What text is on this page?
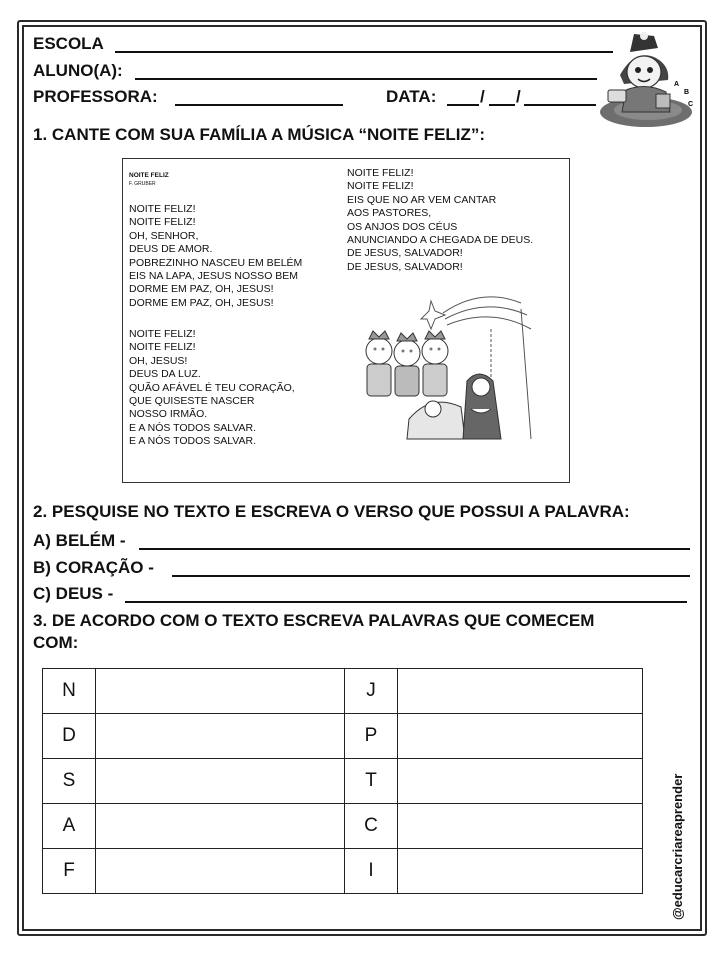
ESCOLA
ALUNO(A):
PROFESSORA:	DATA:	/ /
A
B
C
1. CANTE COM SUA FAMÍLIA A MÚSICA “NOITE FELIZ”:
NOITE FELIZ
F. GRUBER
NOITE FELIZ!
NOITE FELIZ!
OH, SENHOR,
DEUS DE AMOR.
POBREZINHO NASCEU EM BELÉM
EIS NA LAPA, JESUS NOSSO BEM
DORME EM PAZ, OH, JESUS!
DORME EM PAZ, OH, JESUS!
NOITE FELIZ!
NOITE FELIZ!
OH, JESUS!
DEUS DA LUZ.
QUÃO AFÁVEL É TEU CORAÇÃO,
QUE QUISESTE NASCER
NOSSO IRMÃO.
E A NÓS TODOS SALVAR.
E A NÓS TODOS SALVAR.
NOITE FELIZ!
NOITE FELIZ!
EIS QUE NO AR VEM CANTAR
AOS PASTORES,
OS ANJOS DOS CÉUS
ANUNCIANDO A CHEGADA DE DEUS.
DE JESUS, SALVADOR!
DE JESUS, SALVADOR!
2. PESQUISE NO TEXTO E ESCREVA O VERSO QUE POSSUI A PALAVRA:
A) BELÉM -
B) CORAÇÃO -
C) DEUS -
3. DE ACORDO COM O TEXTO ESCREVA PALAVRAS QUE COMECEM
COM:
N		J	
D		P	
S		T	
A		C	
F		I		@educarcriareaprender
